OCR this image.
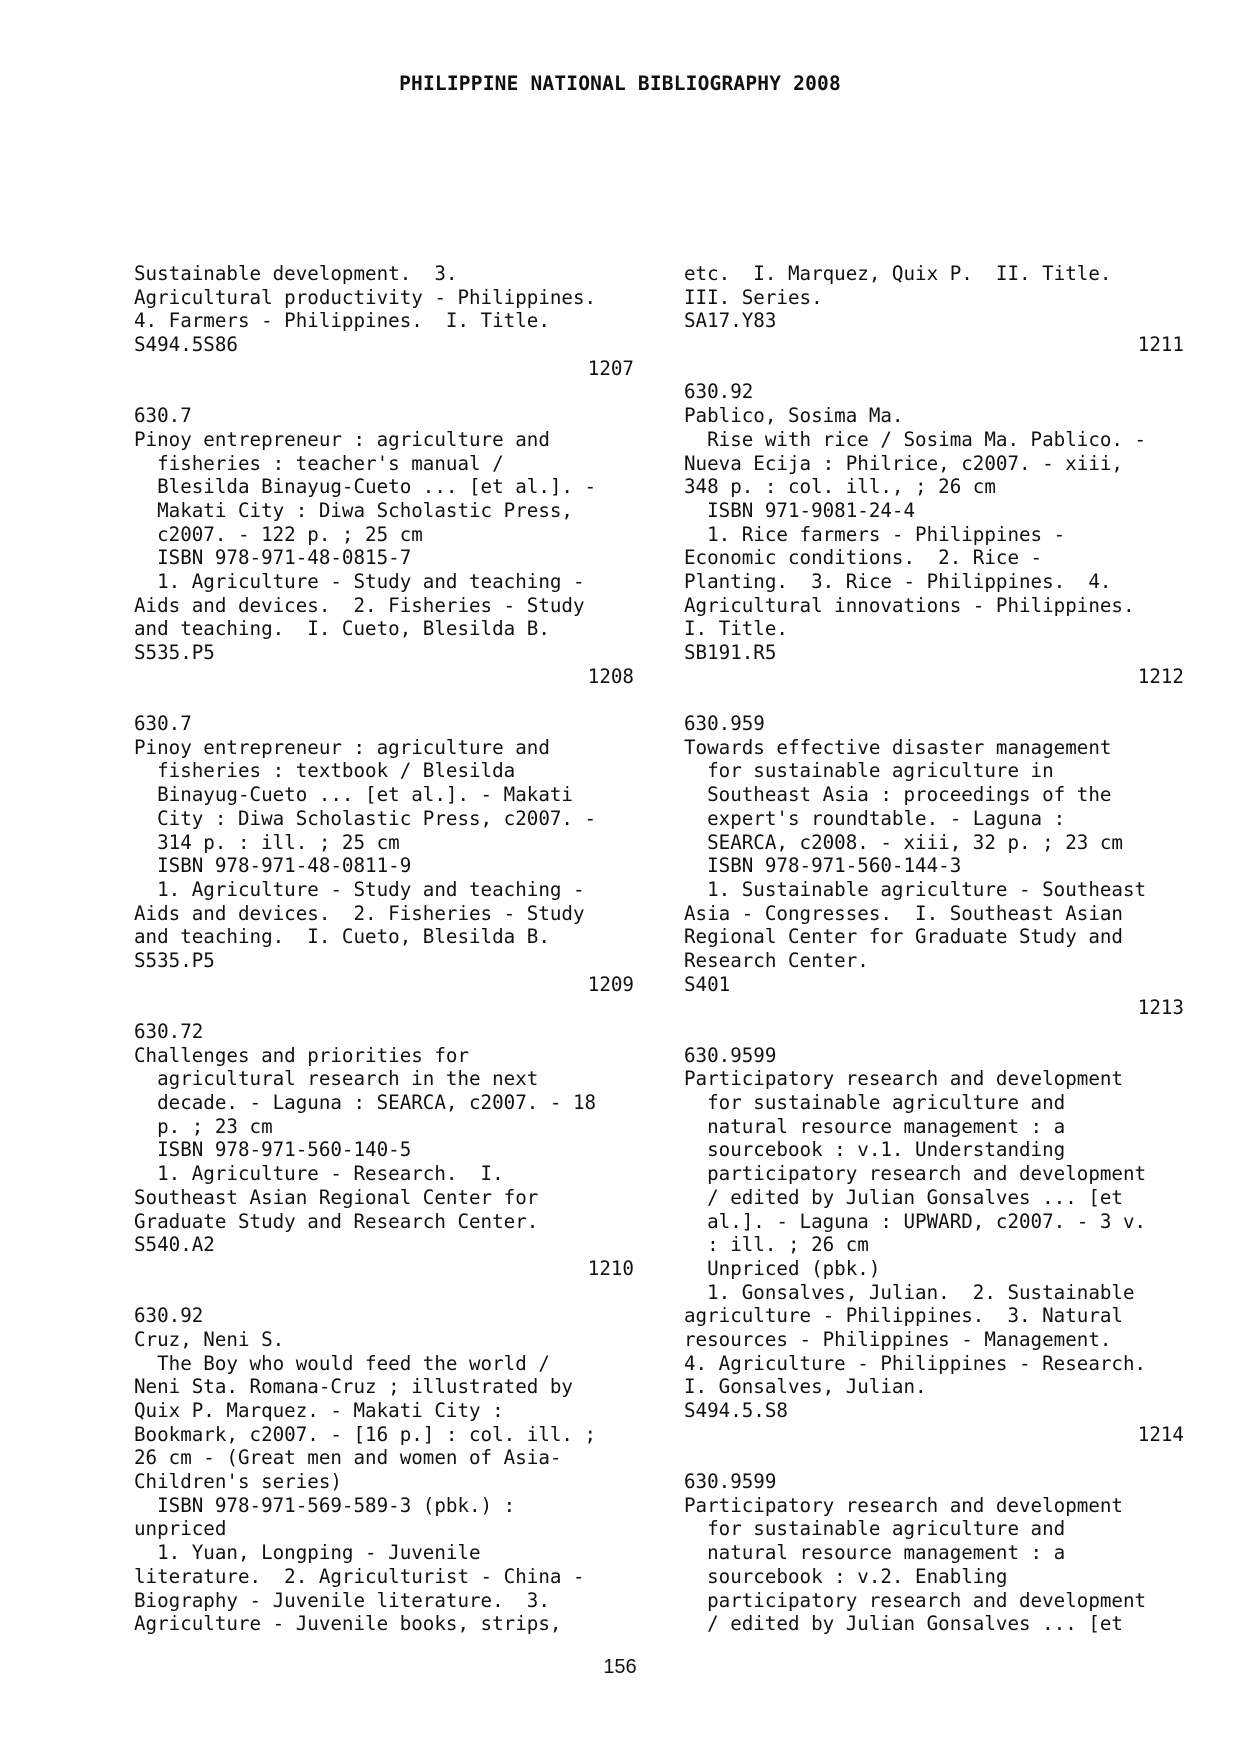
PHILIPPINE NATIONAL BIBLIOGRAPHY 2008
Sustainable development.  3.
Agricultural productivity - Philippines.
4. Farmers - Philippines.  I. Title.
S494.5S86
1207
630.7
Pinoy entrepreneur : agriculture and
fisheries : teacher's manual /
Blesilda Binayug-Cueto ... [et al.]. -
Makati City : Diwa Scholastic Press,
c2007. - 122 p. ; 25 cm
ISBN 978-971-48-0815-7
1. Agriculture - Study and teaching -
Aids and devices.  2. Fisheries - Study
and teaching.  I. Cueto, Blesilda B.
S535.P5
1208
630.7
Pinoy entrepreneur : agriculture and
fisheries : textbook / Blesilda
Binayug-Cueto ... [et al.]. - Makati
City : Diwa Scholastic Press, c2007. -
314 p. : ill. ; 25 cm
ISBN 978-971-48-0811-9
1. Agriculture - Study and teaching -
Aids and devices.  2. Fisheries - Study
and teaching.  I. Cueto, Blesilda B.
S535.P5
1209
630.72
Challenges and priorities for
agricultural research in the next
decade. - Laguna : SEARCA, c2007. - 18
p. ; 23 cm
ISBN 978-971-560-140-5
1. Agriculture - Research.  I.
Southeast Asian Regional Center for
Graduate Study and Research Center.
S540.A2
1210
630.92
Cruz, Neni S.
The Boy who would feed the world /
Neni Sta. Romana-Cruz ; illustrated by
Quix P. Marquez. - Makati City :
Bookmark, c2007. - [16 p.] : col. ill. ;
26 cm - (Great men and women of Asia-
Children's series)
ISBN 978-971-569-589-3 (pbk.) :
unpriced
1. Yuan, Longping - Juvenile
literature.  2. Agriculturist - China -
Biography - Juvenile literature.  3.
Agriculture - Juvenile books, strips,
etc.  I. Marquez, Quix P.  II. Title.
III. Series.
SA17.Y83
1211
630.92
Pablico, Sosima Ma.
Rise with rice / Sosima Ma. Pablico. -
Nueva Ecija : Philrice, c2007. - xiii,
348 p. : col. ill., ; 26 cm
ISBN 971-9081-24-4
1. Rice farmers - Philippines -
Economic conditions.  2. Rice -
Planting.  3. Rice - Philippines.  4.
Agricultural innovations - Philippines.
I. Title.
SB191.R5
1212
630.959
Towards effective disaster management
for sustainable agriculture in
Southeast Asia : proceedings of the
expert's roundtable. - Laguna :
SEARCA, c2008. - xiii, 32 p. ; 23 cm
ISBN 978-971-560-144-3
1. Sustainable agriculture - Southeast
Asia - Congresses.  I. Southeast Asian
Regional Center for Graduate Study and
Research Center.
S401
1213
630.9599
Participatory research and development
for sustainable agriculture and
natural resource management : a
sourcebook : v.1. Understanding
participatory research and development
/ edited by Julian Gonsalves ... [et
al.]. - Laguna : UPWARD, c2007. - 3 v.
: ill. ; 26 cm
Unpriced (pbk.)
1. Gonsalves, Julian.  2. Sustainable
agriculture - Philippines.  3. Natural
resources - Philippines - Management.
4. Agriculture - Philippines - Research.
I. Gonsalves, Julian.
S494.5.S8
1214
630.9599
Participatory research and development
for sustainable agriculture and
natural resource management : a
sourcebook : v.2. Enabling
participatory research and development
/ edited by Julian Gonsalves ... [et
156
